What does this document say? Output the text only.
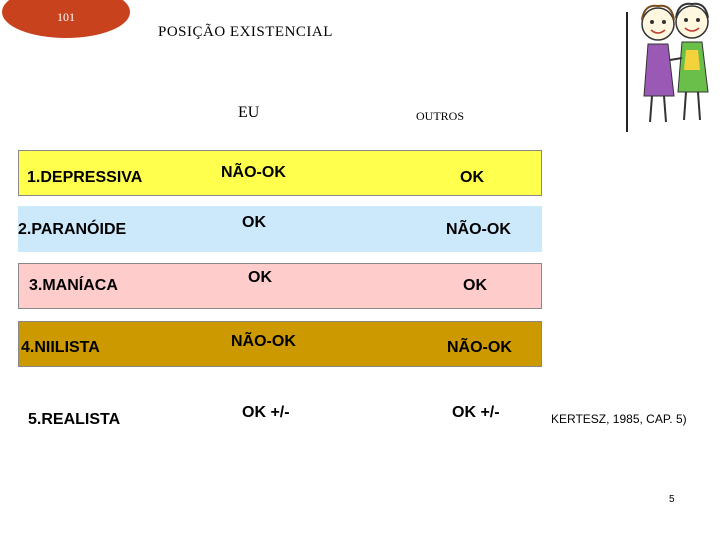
101
POSIÇÃO EXISTENCIAL
EU	OUTROS
1.DEPRESSIVA	NÃO-OK	OK
2.PARANÓIDE	OK	NÃO-OK
3.MANÍACA	OK	OK
4.NIILISTA	NÃO-OK	NÃO-OK
5.REALISTA	OK +/-	OK +/-	KERTESZ, 1985, CAP. 5)
5
